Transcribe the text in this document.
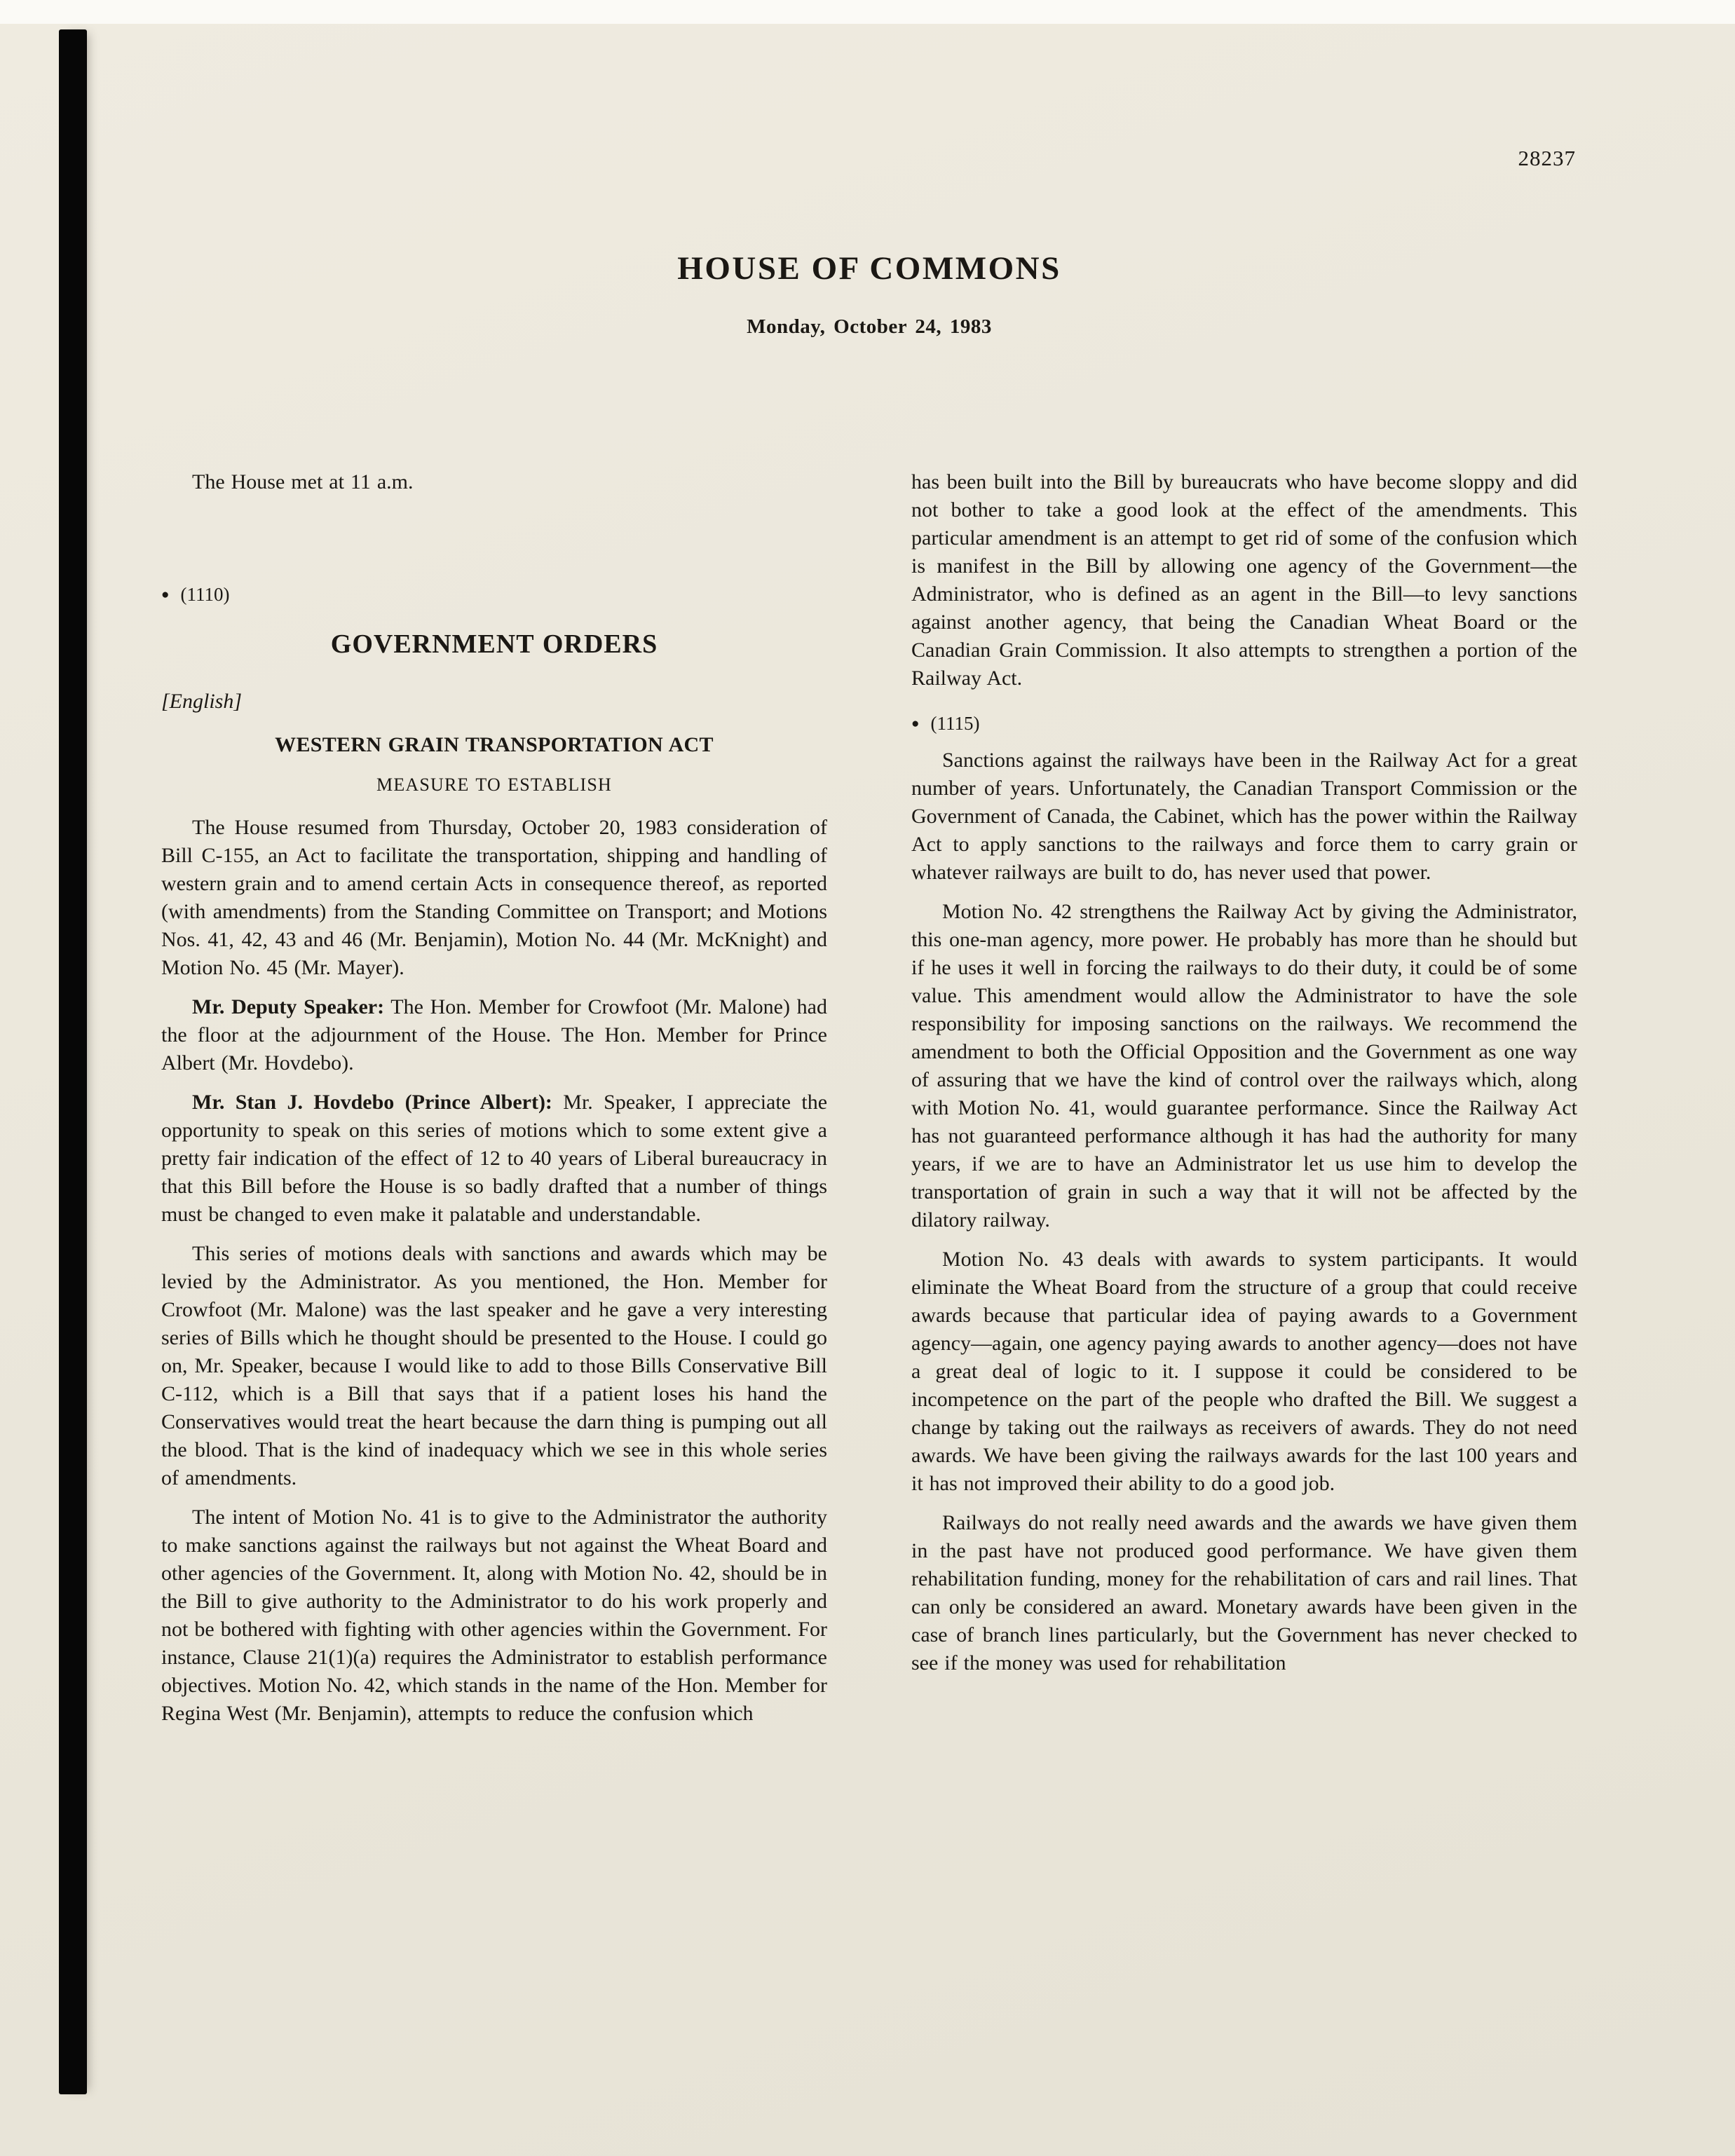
28237
HOUSE OF COMMONS
Monday, October 24, 1983

The House met at 11 a.m.

● (1110)
GOVERNMENT ORDERS
[English]
WESTERN GRAIN TRANSPORTATION ACT
MEASURE TO ESTABLISH

The House resumed from Thursday, October 20, 1983 consideration of Bill C-155, an Act to facilitate the transportation, shipping and handling of western grain and to amend certain Acts in consequence thereof, as reported (with amendments) from the Standing Committee on Transport; and Motions Nos. 41, 42, 43 and 46 (Mr. Benjamin), Motion No. 44 (Mr. McKnight) and Motion No. 45 (Mr. Mayer).

Mr. Deputy Speaker: The Hon. Member for Crowfoot (Mr. Malone) had the floor at the adjournment of the House. The Hon. Member for Prince Albert (Mr. Hovdebo).

Mr. Stan J. Hovdebo (Prince Albert): Mr. Speaker, I appreciate the opportunity to speak on this series of motions which to some extent give a pretty fair indication of the effect of 12 to 40 years of Liberal bureaucracy in that this Bill before the House is so badly drafted that a number of things must be changed to even make it palatable and understandable.

This series of motions deals with sanctions and awards which may be levied by the Administrator. As you mentioned, the Hon. Member for Crowfoot (Mr. Malone) was the last speaker and he gave a very interesting series of Bills which he thought should be presented to the House. I could go on, Mr. Speaker, because I would like to add to those Bills Conservative Bill C-112, which is a Bill that says that if a patient loses his hand the Conservatives would treat the heart because the darn thing is pumping out all the blood. That is the kind of inadequacy which we see in this whole series of amendments.

The intent of Motion No. 41 is to give to the Administrator the authority to make sanctions against the railways but not against the Wheat Board and other agencies of the Government. It, along with Motion No. 42, should be in the Bill to give authority to the Administrator to do his work properly and not be bothered with fighting with other agencies within the Government. For instance, Clause 21(1)(a) requires the Administrator to establish performance objectives. Motion No. 42, which stands in the name of the Hon. Member for Regina West (Mr. Benjamin), attempts to reduce the confusion which

has been built into the Bill by bureaucrats who have become sloppy and did not bother to take a good look at the effect of the amendments. This particular amendment is an attempt to get rid of some of the confusion which is manifest in the Bill by allowing one agency of the Government—the Administrator, who is defined as an agent in the Bill—to levy sanctions against another agency, that being the Canadian Wheat Board or the Canadian Grain Commission. It also attempts to strengthen a portion of the Railway Act.

● (1115)

Sanctions against the railways have been in the Railway Act for a great number of years. Unfortunately, the Canadian Transport Commission or the Government of Canada, the Cabinet, which has the power within the Railway Act to apply sanctions to the railways and force them to carry grain or whatever railways are built to do, has never used that power.

Motion No. 42 strengthens the Railway Act by giving the Administrator, this one-man agency, more power. He probably has more than he should but if he uses it well in forcing the railways to do their duty, it could be of some value. This amendment would allow the Administrator to have the sole responsibility for imposing sanctions on the railways. We recommend the amendment to both the Official Opposition and the Government as one way of assuring that we have the kind of control over the railways which, along with Motion No. 41, would guarantee performance. Since the Railway Act has not guaranteed performance although it has had the authority for many years, if we are to have an Administrator let us use him to develop the transportation of grain in such a way that it will not be affected by the dilatory railway.

Motion No. 43 deals with awards to system participants. It would eliminate the Wheat Board from the structure of a group that could receive awards because that particular idea of paying awards to a Government agency—again, one agency paying awards to another agency—does not have a great deal of logic to it. I suppose it could be considered to be incompetence on the part of the people who drafted the Bill. We suggest a change by taking out the railways as receivers of awards. They do not need awards. We have been giving the railways awards for the last 100 years and it has not improved their ability to do a good job.

Railways do not really need awards and the awards we have given them in the past have not produced good performance. We have given them rehabilitation funding, money for the rehabilitation of cars and rail lines. That can only be considered an award. Monetary awards have been given in the case of branch lines particularly, but the Government has never checked to see if the money was used for rehabilitation
